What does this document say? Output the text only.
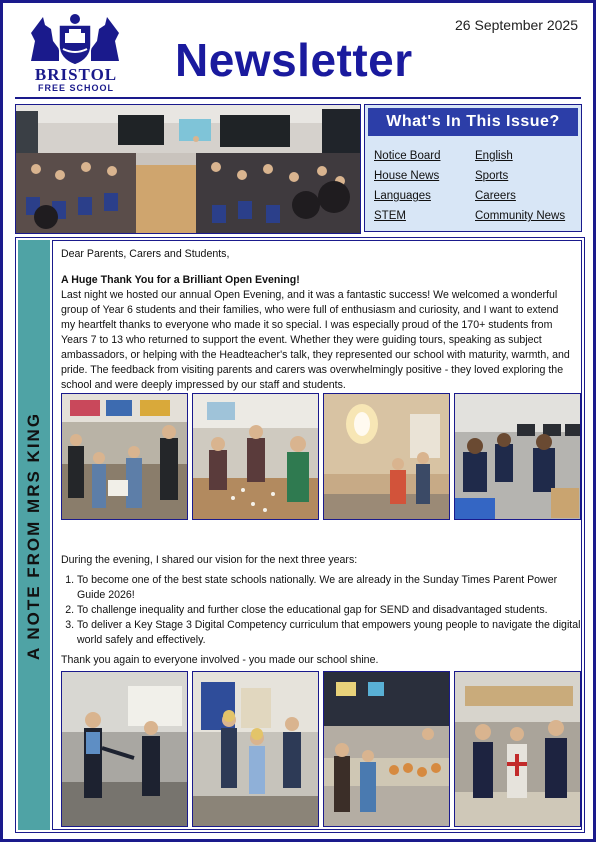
BRISTOL
FREE SCHOOL
26 September 2025
Newsletter
What's In This Issue?
Notice Board	English
House News	Sports
Languages	Careers
STEM	Community News
A NOTE FROM MRS KING
Dear Parents, Carers and Students,
A Huge Thank You for a Brilliant Open Evening!
Last night we hosted our annual Open Evening, and it was a fantastic success! We welcomed a wonderful group of Year 6 students and their families, who were full of enthusiasm and curiosity, and I want to extend my heartfelt thanks to everyone who made it so special. I was especially proud of the 170+ students from Years 7 to 13 who returned to support the event. Whether they were guiding tours, speaking as subject ambassadors, or helping with the Headteacher's talk, they represented our school with maturity, warmth, and pride. The feedback from visiting parents and carers was overwhelmingly positive - they loved exploring the school and were deeply impressed by our staff and students.
During the evening, I shared our vision for the next three years:
1. To become one of the best state schools nationally. We are already in the Sunday Times Parent Power Guide 2026!
2. To challenge inequality and further close the educational gap for SEND and disadvantaged students.
3. To deliver a Key Stage 3 Digital Competency curriculum that empowers young people to navigate the digital world safely and effectively.
Thank you again to everyone involved - you made our school shine.
